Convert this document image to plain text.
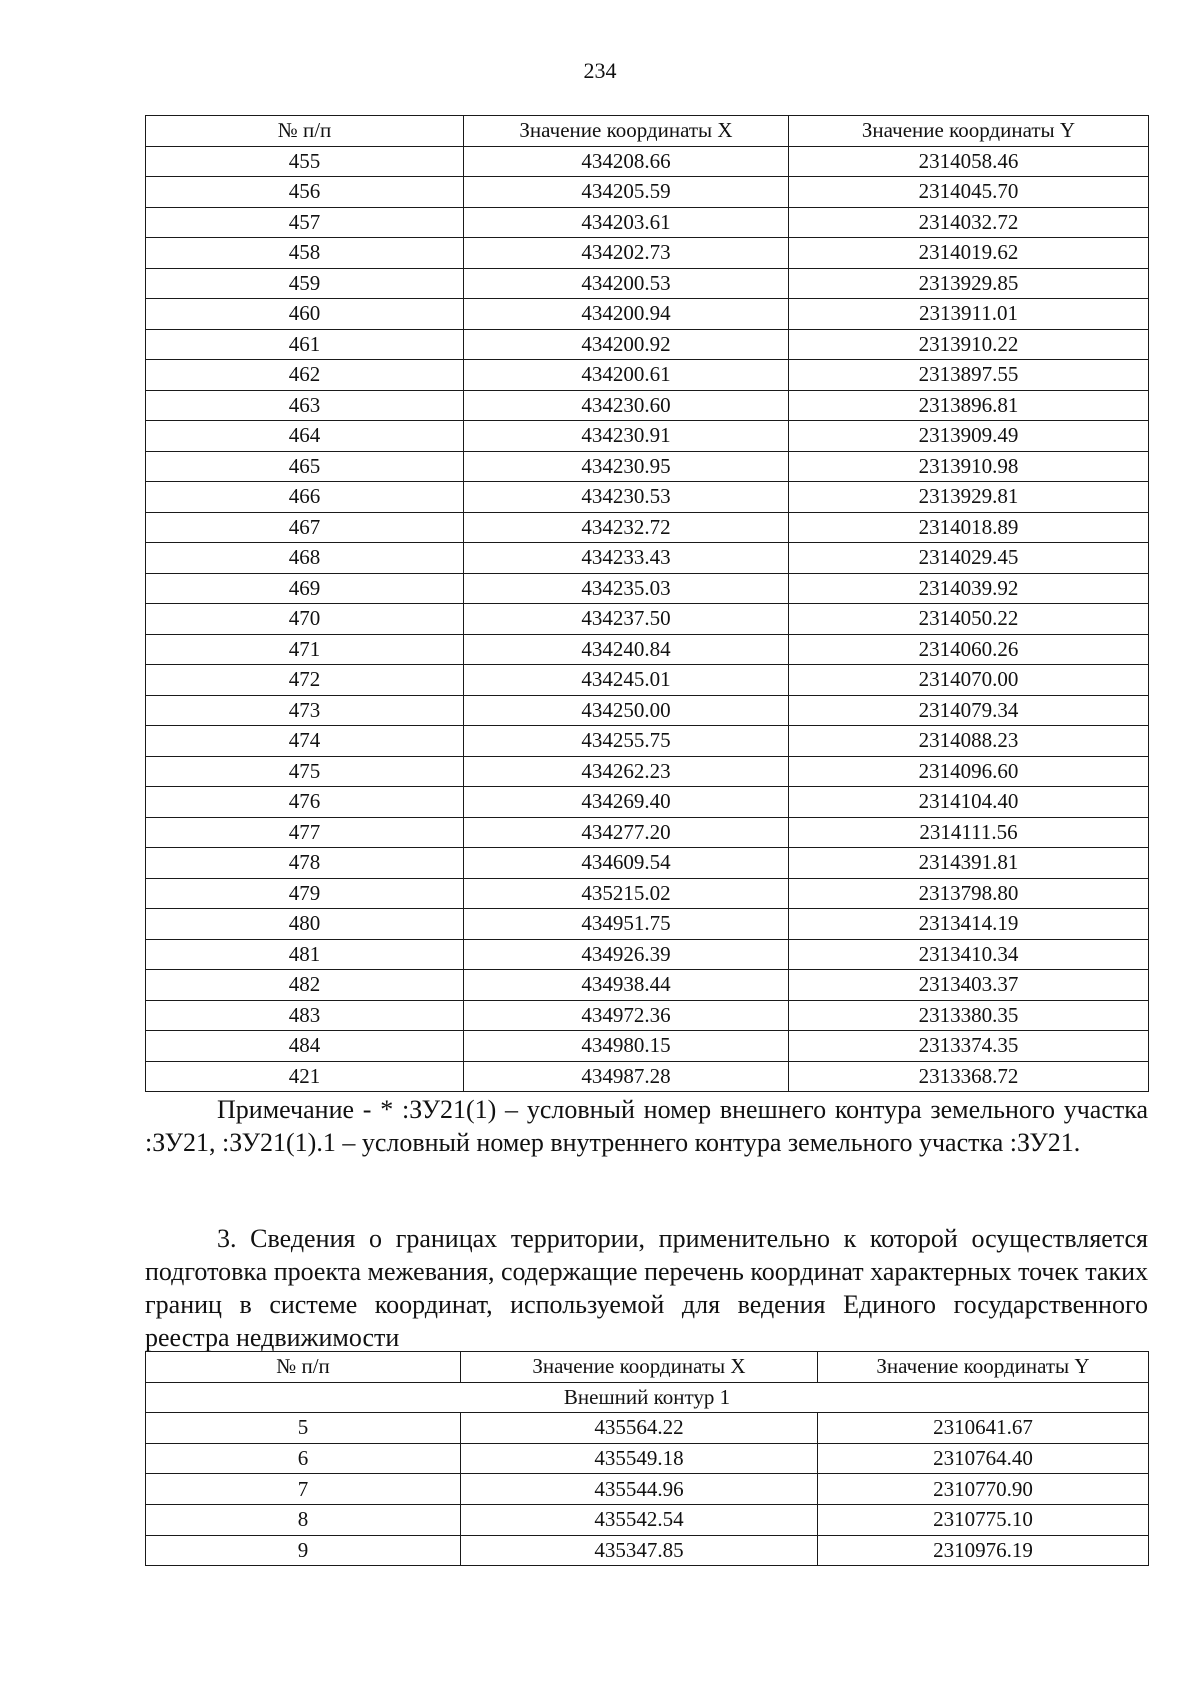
234
№ п/п	Значение координаты X	Значение координаты Y
455	434208.66	2314058.46
456	434205.59	2314045.70
457	434203.61	2314032.72
458	434202.73	2314019.62
459	434200.53	2313929.85
460	434200.94	2313911.01
461	434200.92	2313910.22
462	434200.61	2313897.55
463	434230.60	2313896.81
464	434230.91	2313909.49
465	434230.95	2313910.98
466	434230.53	2313929.81
467	434232.72	2314018.89
468	434233.43	2314029.45
469	434235.03	2314039.92
470	434237.50	2314050.22
471	434240.84	2314060.26
472	434245.01	2314070.00
473	434250.00	2314079.34
474	434255.75	2314088.23
475	434262.23	2314096.60
476	434269.40	2314104.40
477	434277.20	2314111.56
478	434609.54	2314391.81
479	435215.02	2313798.80
480	434951.75	2313414.19
481	434926.39	2313410.34
482	434938.44	2313403.37
483	434972.36	2313380.35
484	434980.15	2313374.35
421	434987.28	2313368.72
Примечание - * :ЗУ21(1) – условный номер внешнего контура земельного участка :ЗУ21, :ЗУ21(1).1 – условный номер внутреннего контура земельного участка :ЗУ21.
3. Сведения о границах территории, применительно к которой осуществляется подготовка проекта межевания, содержащие перечень координат характерных точек таких границ в системе координат, используемой для ведения Единого государственного реестра недвижимости
№ п/п	Значение координаты X	Значение координаты Y
Внешний контур 1		
5	435564.22	2310641.67
6	435549.18	2310764.40
7	435544.96	2310770.90
8	435542.54	2310775.10
9	435347.85	2310976.19
